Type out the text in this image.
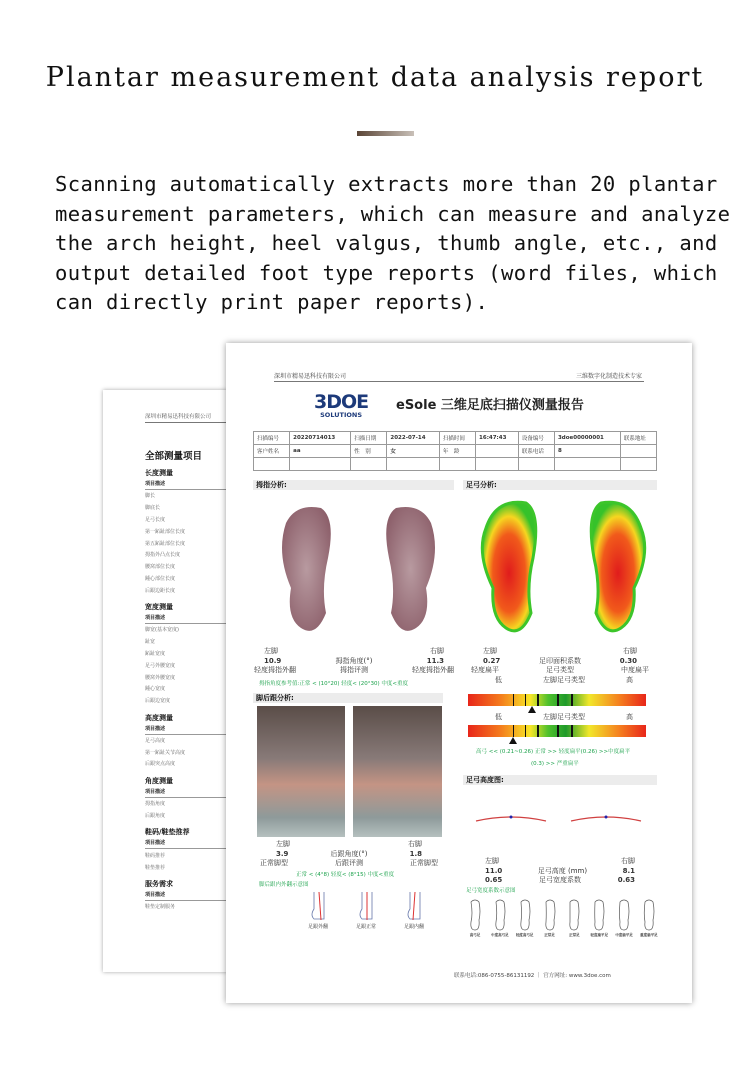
Plantar measurement data analysis report
Scanning automatically extracts more than 20 plantar measurement parameters, which can measure and analyze the arch height, heel valgus, thumb angle, etc., and output detailed foot type reports (word files, which can directly print paper reports).
深圳市精易迅科技有限公司
全部测量项目
长度测量
项目描述
脚长
脚底长
足弓长度
第一跖趾部位长度
第五跖趾部位长度
拇指外凸点长度
腰窝部位长度
踵心部位长度
后跟边距长度
宽度测量
项目描述
脚宽(基本宽度)
趾宽
跖趾宽度
足弓外腰宽度
腰窝外腰宽度
踵心宽度
后跟边宽度
高度测量
项目描述
足弓高度
第一跖趾关节高度
后跟突点高度
角度测量
项目描述
拇指角度
后跟角度
鞋码/鞋垫推荐
项目描述
鞋码推荐
鞋垫推荐
服务需求
项目描述
鞋垫定制服务
深圳市精易迅科技有限公司	三维数字化制造技术专家
3DOE
SOLUTIONS
eSole 三维足底扫描仪测量报告
扫描编号	20220714013	扫描日期	2022-07-14	扫描时间	16:47:43	设备编号	3doe00000001	联系地址
客户姓名	aa	性　别	女	年　龄		联系电话	8	

拇指分析:	足弓分析:
左脚	右脚
10.9	拇指角度(°)	11.3
轻度拇指外翻	拇指评测	轻度拇指外翻
拇指角度参考值:正常 < (10°20) 轻度< (20°30) 中度<重度
脚后跟分析:
左脚	右脚
3.9	后跟角度(°)	1.8
正常脚型	后跟评测	正常脚型
正常 < (4°8) 轻度< (8°15) 中度<重度
脚后跟内外翻示意图
足跟外翻	足跟正常	足跟内翻
左脚	右脚
0.27	足印面积系数	0.30
轻度扁平	足弓类型	中度扁平
低	左脚足弓类型	高
低	左脚足弓类型	高
高弓 << (0.21~0.26) 正常 >> 轻度扁平(0.26) >>中度扁平
(0.3) >> 严重扁平
足弓高度图:
左脚	右脚
11.0	足弓高度 (mm)	8.1
0.65	足弓宽度系数	0.63
足弓宽度系数示意图
高弓足	中度高弓足	轻度高弓足	正常足	正常足	轻度扁平足	中度扁平足	重度扁平足
联系电话:086-0755-86131192 ｜ 官方网址: www.3doe.com
